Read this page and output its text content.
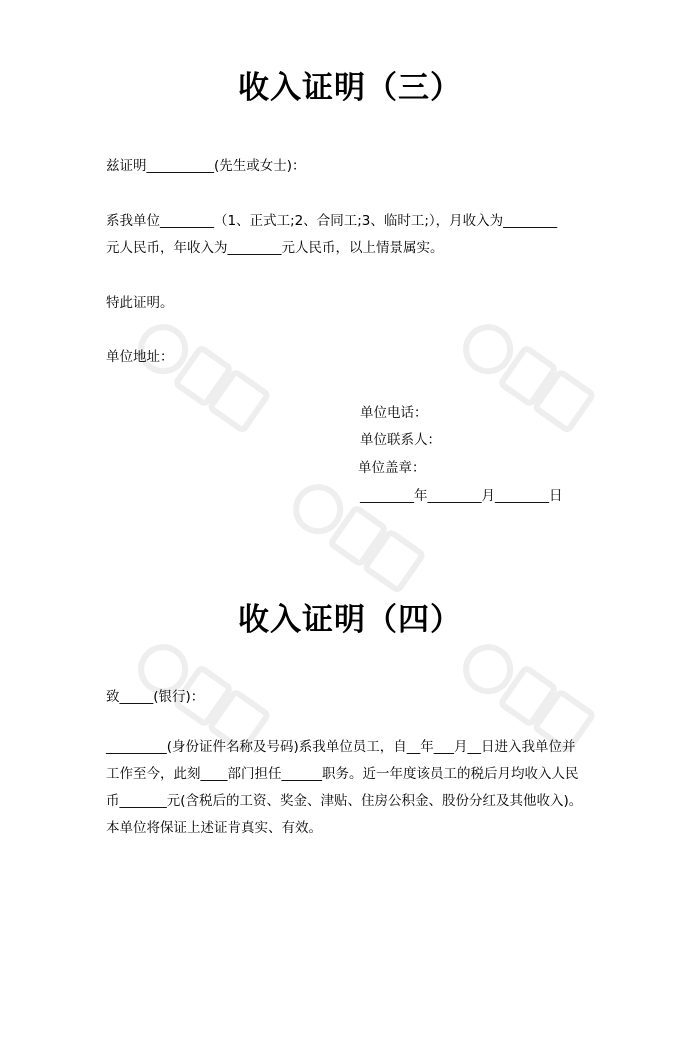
收入证明（三）

兹证明__________(先生或女士)：

系我单位________（1、正式工;2、合同工;3、临时工;），月收入为________

元人民币，年收入为________元人民币，以上情景属实。

特此证明。

单位地址：

单位电话：

单位联系人：

单位盖章：

________年________月________日

收入证明（四）

致_____(银行)：

_________(身份证件名称及号码)系我单位员工，自__年___月__日进入我单位并
工作至今，此刻____部门担任______职务。近一年度该员工的税后月均收入人民
币_______元(含税后的工资、奖金、津贴、住房公积金、股份分红及其他收入)。
本单位将保证上述证肯真实、有效。
